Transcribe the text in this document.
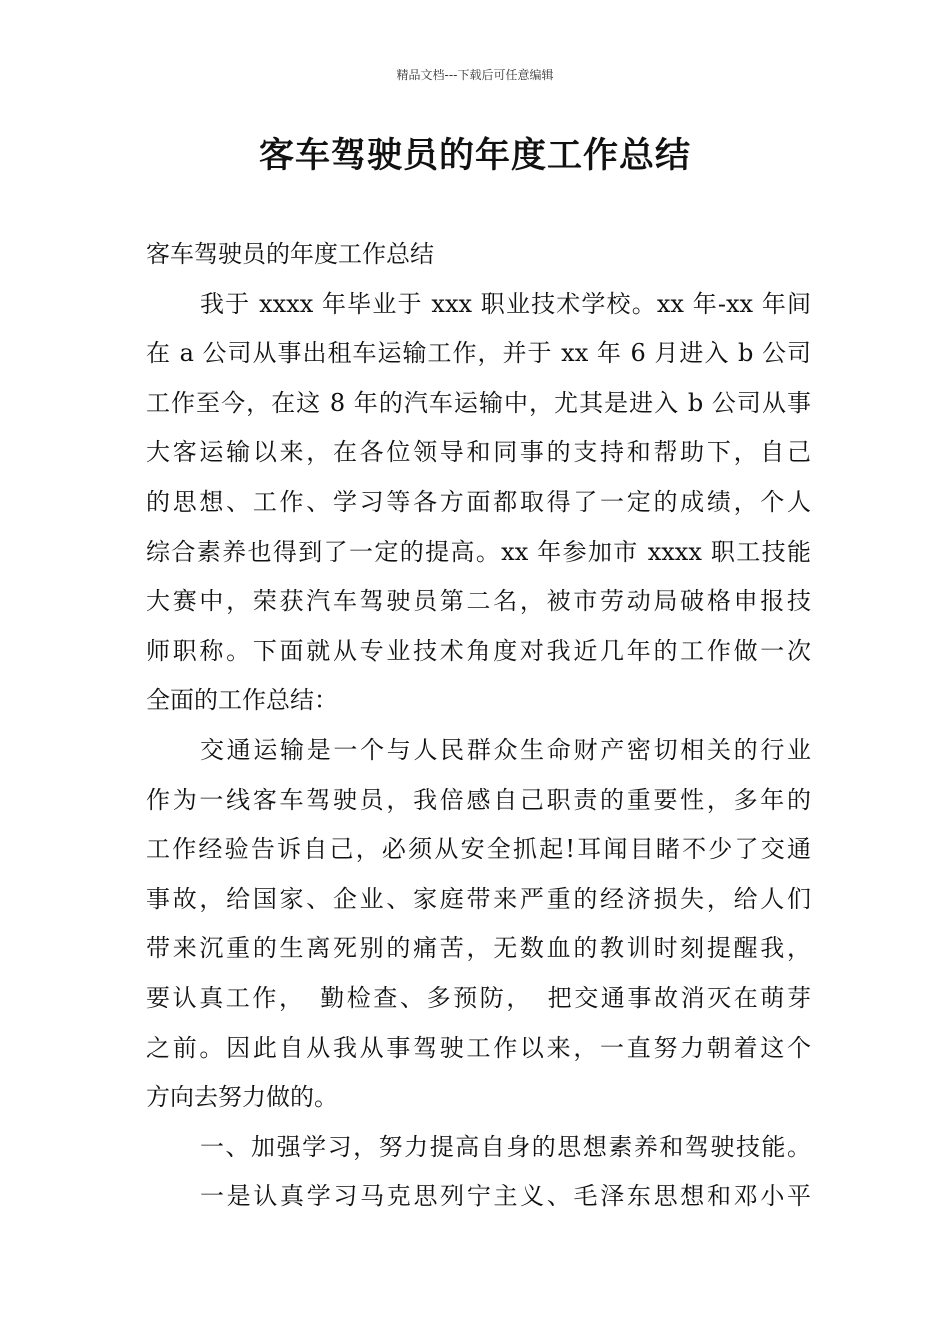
精品文档---下载后可任意编辑
客车驾驶员的年度工作总结
客车驾驶员的年度工作总结
我于 xxxx 年毕业于 xxx 职业技术学校。xx 年-xx 年间
在 a 公司从事出租车运输工作，并于 xx 年 6 月进入 b 公司
工作至今，在这 8 年的汽车运输中，尤其是进入 b 公司从事
大客运输以来，在各位领导和同事的支持和帮助下，自己
的思想、工作、学习等各方面都取得了一定的成绩，个人
综合素养也得到了一定的提高。xx 年参加市 xxxx 职工技能
大赛中，荣获汽车驾驶员第二名，被市劳动局破格申报技
师职称。下面就从专业技术角度对我近几年的工作做一次
全面的工作总结：
交通运输是一个与人民群众生命财产密切相关的行业
作为一线客车驾驶员，我倍感自己职责的重要性，多年的
工作经验告诉自己，必须从安全抓起!耳闻目睹不少了交通
事故，给国家、企业、家庭带来严重的经济损失，给人们
带来沉重的生离死别的痛苦，无数血的教训时刻提醒我，
要认真工作，　勤检查、多预防，　把交通事故消灭在萌芽
之前。因此自从我从事驾驶工作以来，一直努力朝着这个
方向去努力做的。
一、加强学习，努力提高自身的思想素养和驾驶技能。
一是认真学习马克思列宁主义、毛泽东思想和邓小平
